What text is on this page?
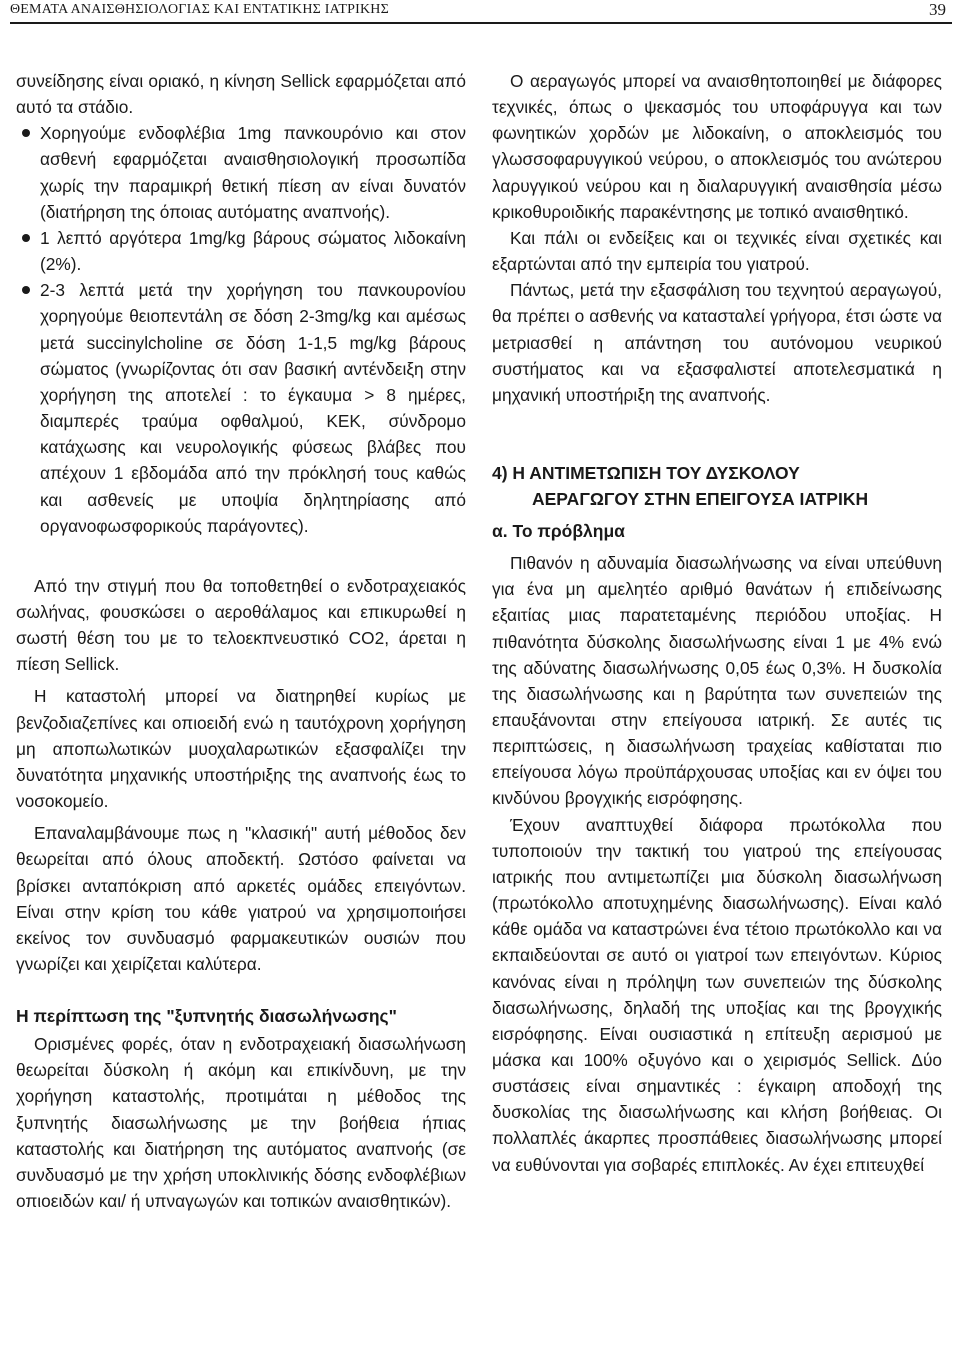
ΘΕΜΑΤΑ ΑΝΑΙΣΘΗΣΙΟΛΟΓΙΑΣ ΚΑΙ ΕΝΤΑΤΙΚΗΣ ΙΑΤΡΙΚΗΣ	39

συνείδησης είναι οριακό, η κίνηση Sellick εφαρμόζεται από αυτό τα στάδιο.

Χορηγούμε ενδοφλέβια 1mg πανκουρόνιο και στον ασθενή εφαρμόζεται αναισθησιολογική προσωπίδα χωρίς την παραμικρή θετική πίεση αν είναι δυνατόν (διατήρηση της όποιας αυτόματης αναπνοής).

1 λεπτό αργότερα 1mg/kg βάρους σώματος λιδοκαίνη (2%).

2-3 λεπτά μετά την χορήγηση του πανκουρονίου χορηγούμε θειοπεντάλη σε δόση 2-3mg/kg και αμέσως μετά succinylcholine σε δόση 1-1,5 mg/kg βάρους σώματος (γνωρίζοντας ότι σαν βασική αντένδειξη στην χορήγηση της αποτελεί : το έγκαυμα > 8 ημέρες, διαμπερές τραύμα οφθαλμού, ΚΕΚ, σύνδρομο κατάχωσης και νευρολογικής φύσεως βλάβες που απέχουν 1 εβδομάδα από την πρόκλησή τους καθώς και ασθενείς με υποψία δηλητηρίασης από οργανοφωσφορικούς παράγοντες).

Από την στιγμή που θα τοποθετηθεί ο ενδοτραχειακός σωλήνας, φουσκώσει ο αεροθάλαμος και επικυρωθεί η σωστή θέση του με το τελοεκπνευστικό CO2, άρεται η πίεση Sellick.

Η καταστολή μπορεί να διατηρηθεί κυρίως με βενζοδιαζεπίνες και οπιοειδή ενώ η ταυτόχρονη χορήγηση μη αποπωλωτικών μυοχαλαρωτικών εξασφαλίζει την δυνατότητα μηχανικής υποστήριξης της αναπνοής έως το νοσοκομείο.

Επαναλαμβάνουμε πως η "κλασική" αυτή μέθοδος δεν θεωρείται από όλους αποδεκτή. Ωστόσο φαίνεται να βρίσκει ανταπόκριση από αρκετές ομάδες επειγόντων. Είναι στην κρίση του κάθε γιατρού να χρησιμοποιήσει εκείνος τον συνδυασμό φαρμακευτικών ουσιών που γνωρίζει και χειρίζεται καλύτερα.

Η περίπτωση της "ξυπνητής διασωλήνωσης"

Ορισμένες φορές, όταν η ενδοτραχειακή διασωλήνωση θεωρείται δύσκολη ή ακόμη και επικίνδυνη, με την χορήγηση καταστολής, προτιμάται η μέθοδος της ξυπνητής διασωλήνωσης με την βοήθεια ήπιας καταστολής και διατήρηση της αυτόματος αναπνοής (σε συνδυασμό με την χρήση υποκλινικής δόσης ενδοφλέβιων οπιοειδών και/ ή υπναγωγών και τοπικών αναισθητικών).

Ο αεραγωγός μπορεί να αναισθητοποιηθεί με διάφορες τεχνικές, όπως ο ψεκασμός του υποφάρυγγα και των φωνητικών χορδών με λιδοκαίνη, ο αποκλεισμός του γλωσσοφαρυγγικού νεύρου, ο αποκλεισμός του ανώτερου λαρυγγικού νεύρου και η διαλαρυγγική αναισθησία μέσω κρικοθυροιδικής παρακέντησης με τοπικό αναισθητικό.

Και πάλι οι ενδείξεις και οι τεχνικές είναι σχετικές και εξαρτώνται από την εμπειρία του γιατρού.

Πάντως, μετά την εξασφάλιση του τεχνητού αεραγωγού, θα πρέπει ο ασθενής να κατασταλεί γρήγορα, έτσι ώστε να μετριασθεί η απάντηση του αυτόνομου νευρικού συστήματος και να εξασφαλιστεί αποτελεσματικά η μηχανική υποστήριξη της αναπνοής.

4) Η ΑΝΤΙΜΕΤΩΠΙΣΗ ΤΟΥ ΔΥΣΚΟΛΟΥ
ΑΕΡΑΓΩΓΟΥ ΣΤΗΝ ΕΠΕΙΓΟΥΣΑ ΙΑΤΡΙΚΗ
α. Το πρόβλημα

Πιθανόν η αδυναμία διασωλήνωσης να είναι υπεύθυνη για ένα μη αμελητέο αριθμό θανάτων ή επιδείνωσης εξαιτίας μιας παρατεταμένης περιόδου υποξίας. Η πιθανότητα δύσκολης διασωλήνωσης είναι 1 με 4% ενώ της αδύνατης διασωλήνωσης 0,05 έως 0,3%. Η δυσκολία της διασωλήνωσης και η βαρύτητα των συνεπειών της επαυξάνονται στην επείγουσα ιατρική. Σε αυτές τις περιπτώσεις, η διασωλήνωση τραχείας καθίσταται πιο επείγουσα λόγω προϋπάρχουσας υποξίας και εν όψει του κινδύνου βρογχικής εισρόφησης.

Έχουν αναπτυχθεί διάφορα πρωτόκολλα που τυποποιούν την τακτική του γιατρού της επείγουσας ιατρικής που αντιμετωπίζει μια δύσκολη διασωλήνωση (πρωτόκολλο αποτυχημένης διασωλήνωσης). Είναι καλό κάθε ομάδα να καταστρώνει ένα τέτοιο πρωτόκολλο και να εκπαιδεύονται σε αυτό οι γιατροί των επειγόντων. Κύριος κανόνας είναι η πρόληψη των συνεπειών της δύσκολης διασωλήνωσης, δηλαδή της υποξίας και της βρογχικής εισρόφησης. Είναι ουσιαστικά η επίτευξη αερισμού με μάσκα και 100% οξυγόνο και ο χειρισμός Sellick. Δύο συστάσεις είναι σημαντικές : έγκαιρη αποδοχή της δυσκολίας της διασωλήνωσης και κλήση βοήθειας. Οι πολλαπλές άκαρπες προσπάθειες διασωλήνωσης μπορεί να ευθύνονται για σοβαρές επιπλοκές. Αν έχει επιτευχθεί
